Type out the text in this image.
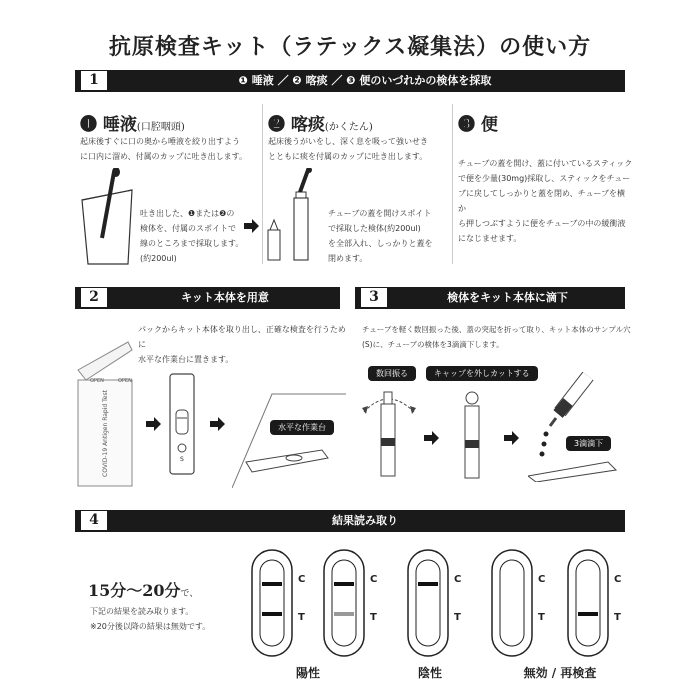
抗原検査キット（ラテックス凝集法）の使い方
1	❶ 唾液 ／ ❷ 喀痰 ／ ❸ 便のいづれかの検体を採取
❶ 唾液(口腔咽頭)
起床後すぐに口の奥から唾液を絞り出すよう
に口内に溜め、付属のカップに吐き出します。
吐き出した、❶または❷の
検体を、付属のスポイトで
線のところまで採取します。
(約200ul)
❷ 喀痰(かくたん)
起床後うがいをし、深く息を吸って強いせき
とともに痰を付属のカップに吐き出します。
チューブの蓋を開けスポイト
で採取した検体(約200ul)
を全部入れ、しっかりと蓋を
閉めます。
❸ 便
チューブの蓋を開け、蓋に付いているスティック
で便を少量(30mg)採取し、スティックをチュー
ブに戻してしっかりと蓋を閉め、チューブを横か
ら押しつぶすように便をチューブの中の緩衝液
になじませます。
2	キット本体を用意
パックからキット本体を取り出し、正確な検査を行うために
水平な作業台に置きます。
OPEN	OPEN
COVID-19 Antigen Rapid Test	S
水平な作業台
3	検体をキット本体に滴下
チューブを軽く数回振った後、蓋の突起を折って取り、キット本体のサンプル穴
(S)に、チューブの検体を3滴滴下します。
数回振る	キャップを外しカットする
3滴滴下
4	結果読み取り
15分～20分で、
下記の結果を読み取ります。
※20分後以降の結果は無効です。
C
T
C
T
C
T
C
T
C
T
陽性	陰性	無効 / 再検査
